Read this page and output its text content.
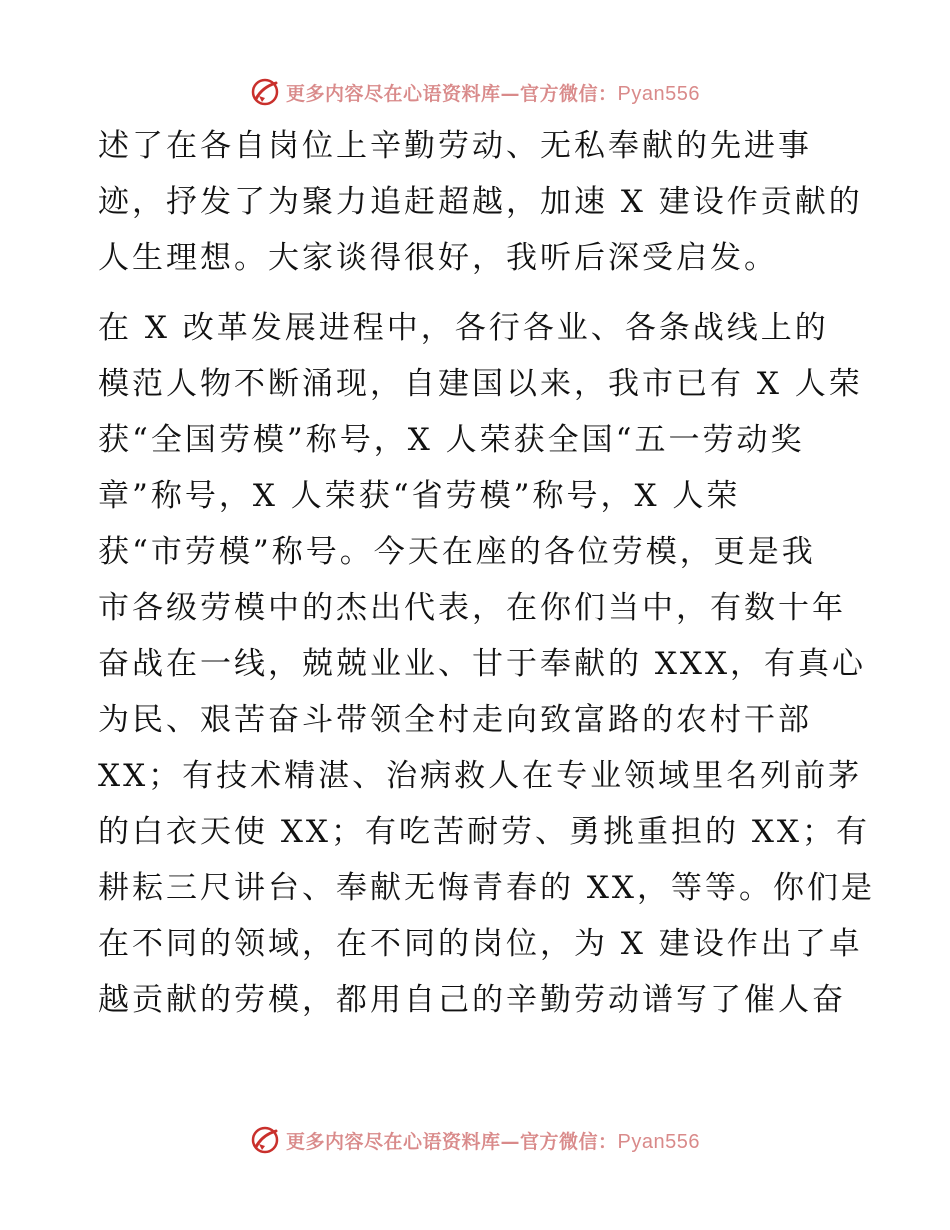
更多内容尽在心语资料库—官方微信：Pyan556
述了在各自岗位上辛勤劳动、无私奉献的先进事
迹，抒发了为聚力追赶超越，加速 X 建设作贡献的
人生理想。大家谈得很好，我听后深受启发。
在 X 改革发展进程中，各行各业、各条战线上的
模范人物不断涌现，自建国以来，我市已有 X 人荣
获“全国劳模”称号，X 人荣获全国“五一劳动奖
章”称号，X 人荣获“省劳模”称号，X 人荣
获“市劳模”称号。今天在座的各位劳模，更是我
市各级劳模中的杰出代表，在你们当中，有数十年
奋战在一线，兢兢业业、甘于奉献的 XXX，有真心
为民、艰苦奋斗带领全村走向致富路的农村干部
XX；有技术精湛、治病救人在专业领域里名列前茅
的白衣天使 XX；有吃苦耐劳、勇挑重担的 XX；有
耕耘三尺讲台、奉献无悔青春的 XX，等等。你们是
在不同的领域，在不同的岗位，为 X 建设作出了卓
越贡献的劳模，都用自己的辛勤劳动谱写了催人奋
更多内容尽在心语资料库—官方微信：Pyan556
